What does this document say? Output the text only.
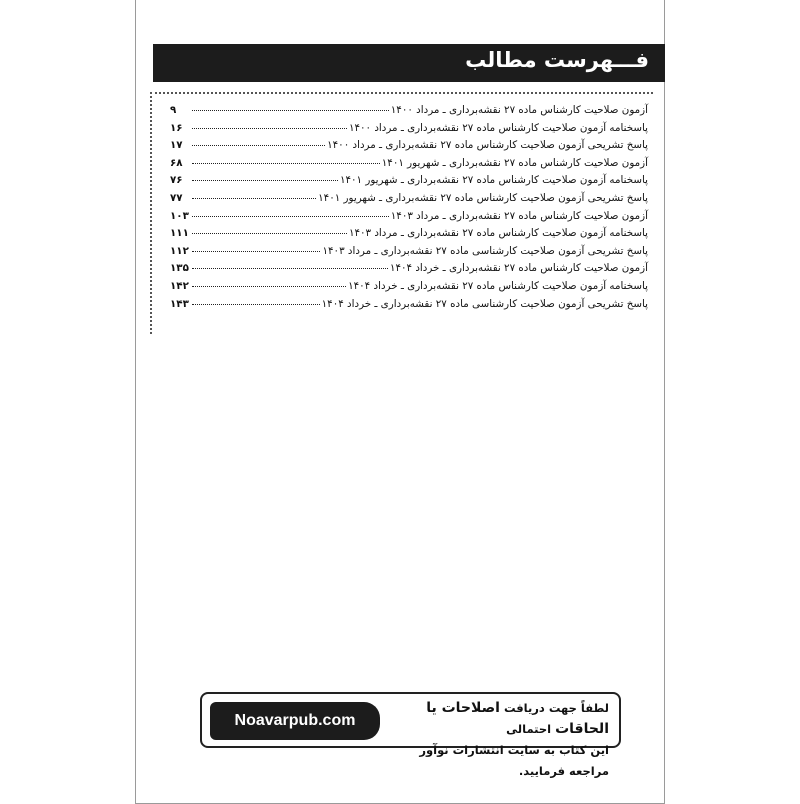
فـــهرست مطالب
آزمون صلاحیت کارشناس ماده ۲۷ نقشه‌برداری ـ مرداد ۱۴۰۰
۹
پاسخنامه آزمون صلاحیت کارشناس ماده ۲۷ نقشه‌برداری ـ مرداد ۱۴۰۰
۱۶
پاسخ تشریحی آزمون صلاحیت کارشناس ماده ۲۷ نقشه‌برداری ـ مرداد ۱۴۰۰
۱۷
آزمون صلاحیت کارشناس ماده ۲۷ نقشه‌برداری ـ شهریور ۱۴۰۱
۶۸
پاسخنامه آزمون صلاحیت کارشناس ماده ۲۷ نقشه‌برداری ـ شهریور ۱۴۰۱
۷۶
پاسخ تشریحی آزمون صلاحیت کارشناس ماده ۲۷ نقشه‌برداری ـ شهریور ۱۴۰۱
۷۷
آزمون صلاحیت کارشناس ماده ۲۷ نقشه‌برداری ـ مرداد ۱۴۰۳
۱۰۳
پاسخنامه آزمون صلاحیت کارشناس ماده ۲۷ نقشه‌برداری ـ مرداد ۱۴۰۳
۱۱۱
پاسخ تشریحی آزمون صلاحیت کارشناسی ماده ۲۷ نقشه‌برداری ـ مرداد ۱۴۰۳
۱۱۲
آزمون صلاحیت کارشناس ماده ۲۷ نقشه‌برداری ـ خرداد ۱۴۰۴
۱۳۵
پاسخنامه آزمون صلاحیت کارشناس ماده ۲۷ نقشه‌برداری ـ خرداد ۱۴۰۴
۱۴۲
پاسخ تشریحی آزمون صلاحیت کارشناسی ماده ۲۷ نقشه‌برداری ـ خرداد ۱۴۰۴
۱۴۳
Noavarpub.com
لطفاً جهت دریافت اصلاحات یا الحاقات احتمالی
این کتاب به سایت انتشارات نوآور مراجعه فرمایید.
